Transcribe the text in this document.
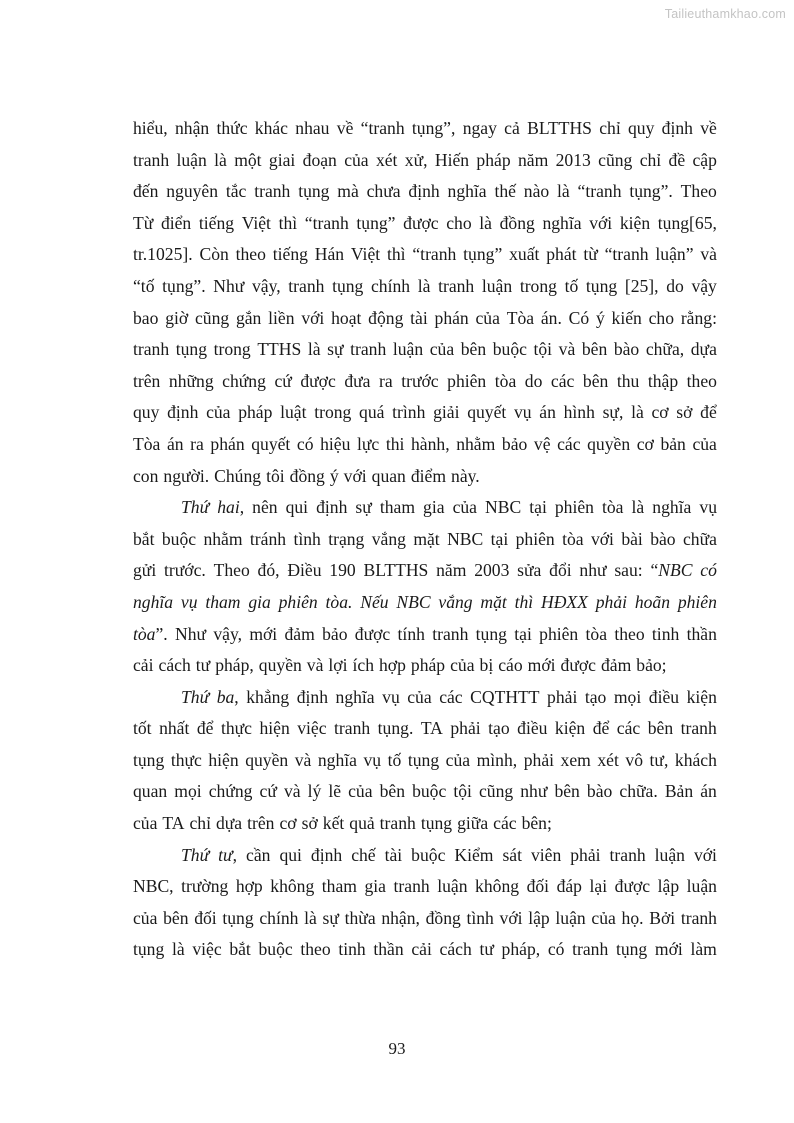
Tailieuthamkhao.com
hiểu, nhận thức khác nhau về “tranh tụng”, ngay cả BLTTHS chỉ quy định về
tranh luận là một giai đoạn của xét xử, Hiến pháp năm 2013 cũng chỉ đề cập
đến nguyên tắc tranh tụng mà chưa định nghĩa thế nào là “tranh tụng”. Theo
Từ điển tiếng Việt thì “tranh tụng” được cho là đồng nghĩa với kiện tụng[65,
tr.1025]. Còn theo tiếng Hán Việt thì “tranh tụng” xuất phát từ “tranh luận” và
“tố tụng”. Như vậy, tranh tụng chính là tranh luận trong tố tụng [25], do vậy
bao giờ cũng gắn liền với hoạt động tài phán của Tòa án. Có ý kiến cho rằng:
tranh tụng trong TTHS là sự tranh luận của bên buộc tội và bên bào chữa, dựa
trên những chứng cứ được đưa ra trước phiên tòa do các bên thu thập theo
quy định của pháp luật trong quá trình giải quyết vụ án hình sự, là cơ sở để
Tòa án ra phán quyết có hiệu lực thi hành, nhằm bảo vệ các quyền cơ bản của
con người. Chúng tôi đồng ý với quan điểm này.
Thứ hai, nên qui định sự tham gia của NBC tại phiên tòa là nghĩa vụ
bắt buộc nhằm tránh tình trạng vắng mặt NBC tại phiên tòa với bài bào chữa
gửi trước. Theo đó, Điều 190 BLTTHS năm 2003 sửa đổi như sau: “NBC có
nghĩa vụ tham gia phiên tòa. Nếu NBC vắng mặt thì HĐXX phải hoãn phiên
tòa”. Như vậy, mới đảm bảo được tính tranh tụng tại phiên tòa theo tinh thần
cải cách tư pháp, quyền và lợi ích hợp pháp của bị cáo mới được đảm bảo;
Thứ ba, khẳng định nghĩa vụ của các CQTHTT phải tạo mọi điều kiện
tốt nhất để thực hiện việc tranh tụng. TA phải tạo điều kiện để các bên tranh
tụng thực hiện quyền và nghĩa vụ tố tụng của mình, phải xem xét vô tư, khách
quan mọi chứng cứ và lý lẽ của bên buộc tội cũng như bên bào chữa. Bản án
của TA chỉ dựa trên cơ sở kết quả tranh tụng giữa các bên;
Thứ tư, cần qui định chế tài buộc Kiểm sát viên phải tranh luận với
NBC, trường hợp không tham gia tranh luận không đối đáp lại được lập luận
của bên đối tụng chính là sự thừa nhận, đồng tình với lập luận của họ. Bởi tranh
tụng là việc bắt buộc theo tinh thần cải cách tư pháp, có tranh tụng mới làm
93
